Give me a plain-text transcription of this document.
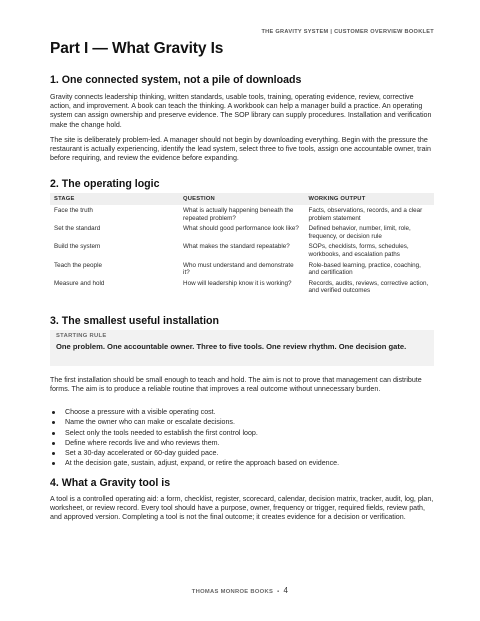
THE GRAVITY SYSTEM | CUSTOMER OVERVIEW BOOKLET
Part I — What Gravity Is
1. One connected system, not a pile of downloads

Gravity connects leadership thinking, written standards, usable tools, training, operating evidence, review, corrective action, and improvement. A book can teach the thinking. A workbook can help a manager build a practice. An operating system can assign ownership and preserve evidence. The SOP library can supply procedures. Installation and verification make the change hold.

The site is deliberately problem-led. A manager should not begin by downloading everything. Begin with the pressure the restaurant is actually experiencing, identify the lead system, select three to five tools, assign one accountable owner, train before requiring, and review the evidence before expanding.

2. The operating logic
STAGE	QUESTION	WORKING OUTPUT
Face the truth	What is actually happening beneath the repeated problem?	Facts, observations, records, and a clear problem statement
Set the standard	What should good performance look like?	Defined behavior, number, limit, role, frequency, or decision rule
Build the system	What makes the standard repeatable?	SOPs, checklists, forms, schedules, workbooks, and escalation paths
Teach the people	Who must understand and demonstrate it?	Role-based learning, practice, coaching, and certification
Measure and hold	How will leadership know it is working?	Records, audits, reviews, corrective action, and verified outcomes
3. The smallest useful installation
STARTING RULE
One problem. One accountable owner. Three to five tools. One review rhythm. One decision gate.

The first installation should be small enough to teach and hold. The aim is not to prove that management can distribute forms. The aim is to produce a reliable routine that improves a real outcome without unnecessary burden.

Choose a pressure with a visible operating cost.
Name the owner who can make or escalate decisions.
Select only the tools needed to establish the first control loop.
Define where records live and who reviews them.
Set a 30-day accelerated or 60-day guided pace.
At the decision gate, sustain, adjust, expand, or retire the approach based on evidence.
4. What a Gravity tool is

A tool is a controlled operating aid: a form, checklist, register, scorecard, calendar, decision matrix, tracker, audit, log, plan, worksheet, or review record. Every tool should have a purpose, owner, frequency or trigger, required fields, review path, and approved version. Completing a tool is not the final outcome; it creates evidence for a decision or verification.

THOMAS MONROE BOOKS • 4
